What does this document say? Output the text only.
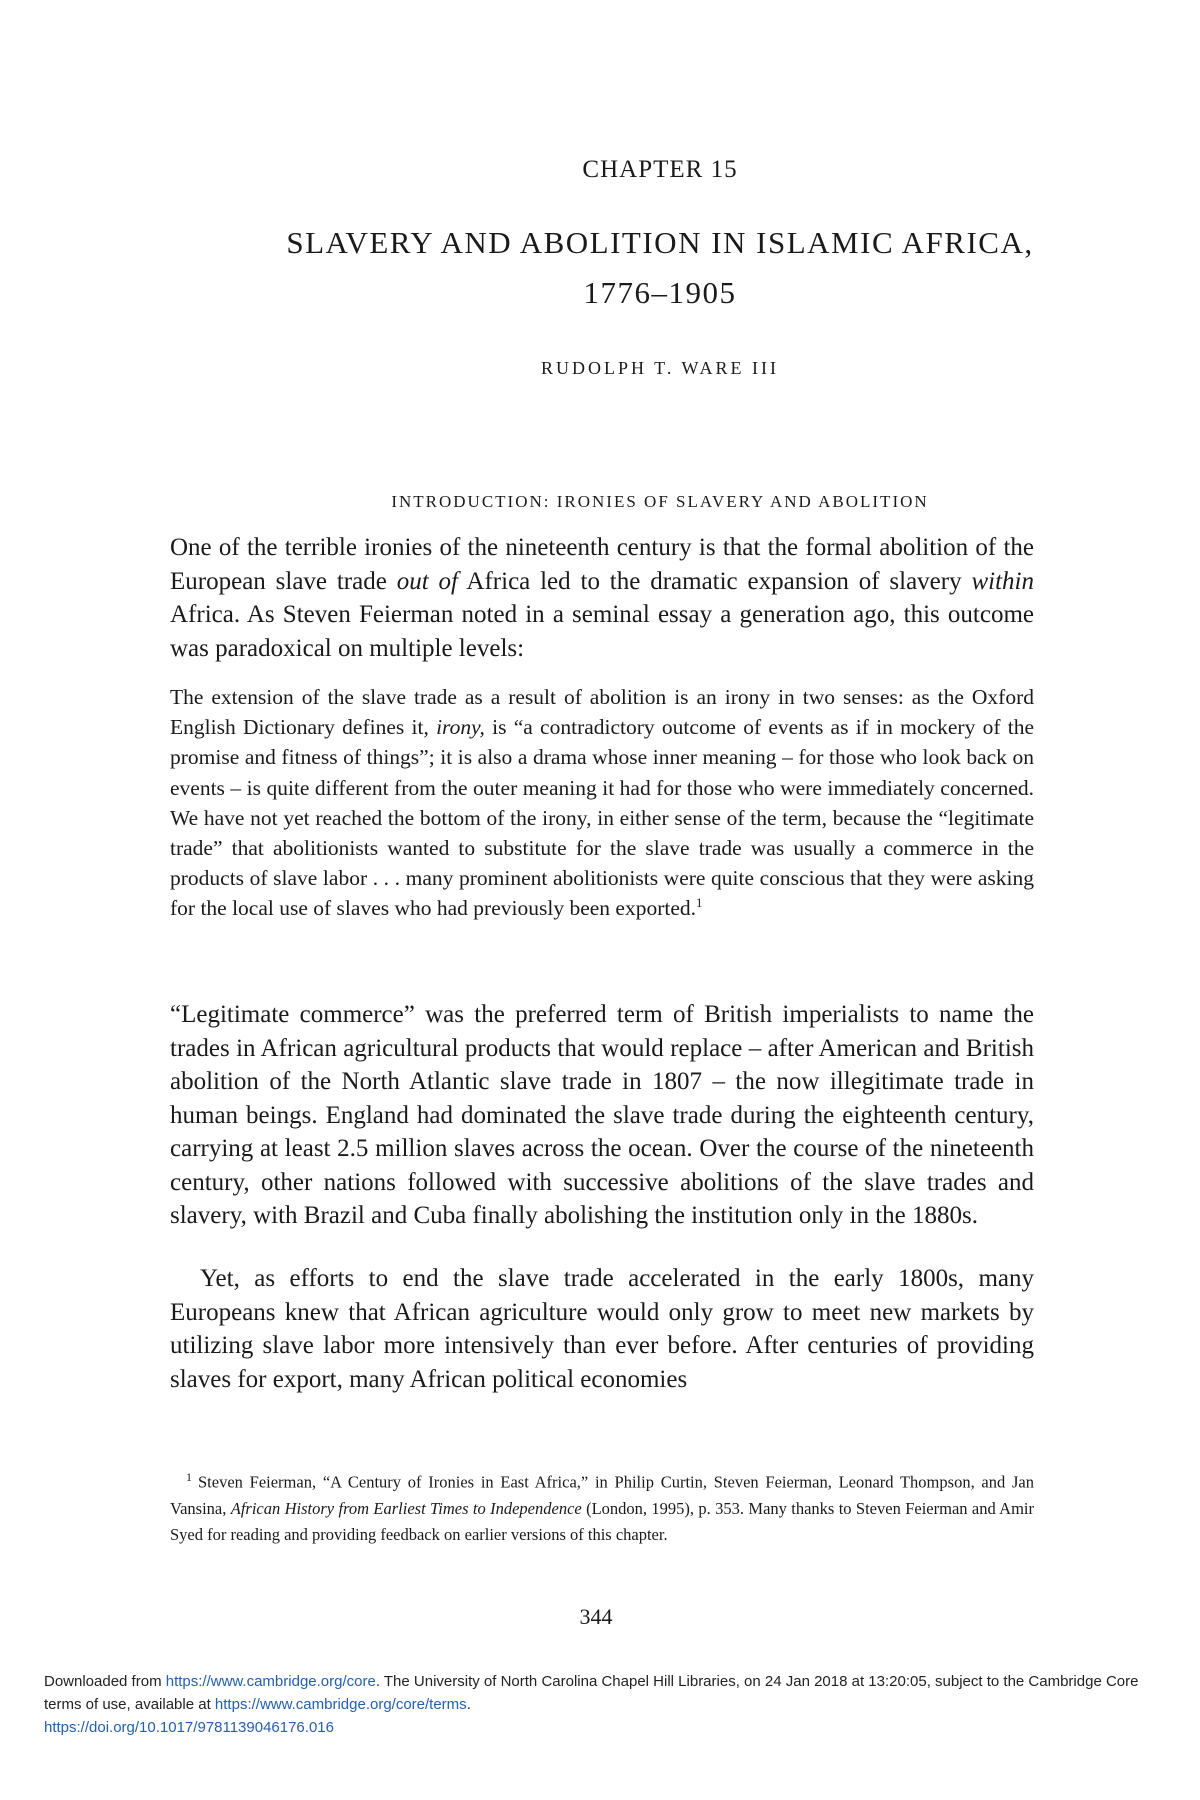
CHAPTER 15
SLAVERY AND ABOLITION IN ISLAMIC AFRICA,
1776–1905
RUDOLPH T. WARE III
INTRODUCTION: IRONIES OF SLAVERY AND ABOLITION

One of the terrible ironies of the nineteenth century is that the formal abolition of the European slave trade out of Africa led to the dramatic expansion of slavery within Africa. As Steven Feierman noted in a seminal essay a generation ago, this outcome was paradoxical on multiple levels:

The extension of the slave trade as a result of abolition is an irony in two senses: as the Oxford English Dictionary defines it, irony, is “a contradictory outcome of events as if in mockery of the promise and fitness of things”; it is also a drama whose inner meaning – for those who look back on events – is quite different from the outer meaning it had for those who were immediately concerned. We have not yet reached the bottom of the irony, in either sense of the term, because the “legitimate trade” that abolitionists wanted to substitute for the slave trade was usually a commerce in the products of slave labor . . . many prominent abolitionists were quite conscious that they were asking for the local use of slaves who had previously been exported.$^1$

“Legitimate commerce” was the preferred term of British imperialists to name the trades in African agricultural products that would replace – after American and British abolition of the North Atlantic slave trade in 1807 – the now illegitimate trade in human beings. England had dominated the slave trade during the eighteenth century, carrying at least 2.5 million slaves across the ocean. Over the course of the nineteenth century, other nations followed with successive abolitions of the slave trades and slavery, with Brazil and Cuba finally abolishing the institution only in the 1880s.

Yet, as efforts to end the slave trade accelerated in the early 1800s, many Europeans knew that African agriculture would only grow to meet new markets by utilizing slave labor more intensively than ever before. After centuries of providing slaves for export, many African political economies

$^1$ Steven Feierman, “A Century of Ironies in East Africa,” in Philip Curtin, Steven Feierman, Leonard Thompson, and Jan Vansina, African History from Earliest Times to Independence (London, 1995), p. 353. Many thanks to Steven Feierman and Amir Syed for reading and providing feedback on earlier versions of this chapter.

344
Downloaded from https://www.cambridge.org/core. The University of North Carolina Chapel Hill Libraries, on 24 Jan 2018 at 13:20:05, subject to the Cambridge Core terms of use, available at https://www.cambridge.org/core/terms.
https://doi.org/10.1017/9781139046176.016
